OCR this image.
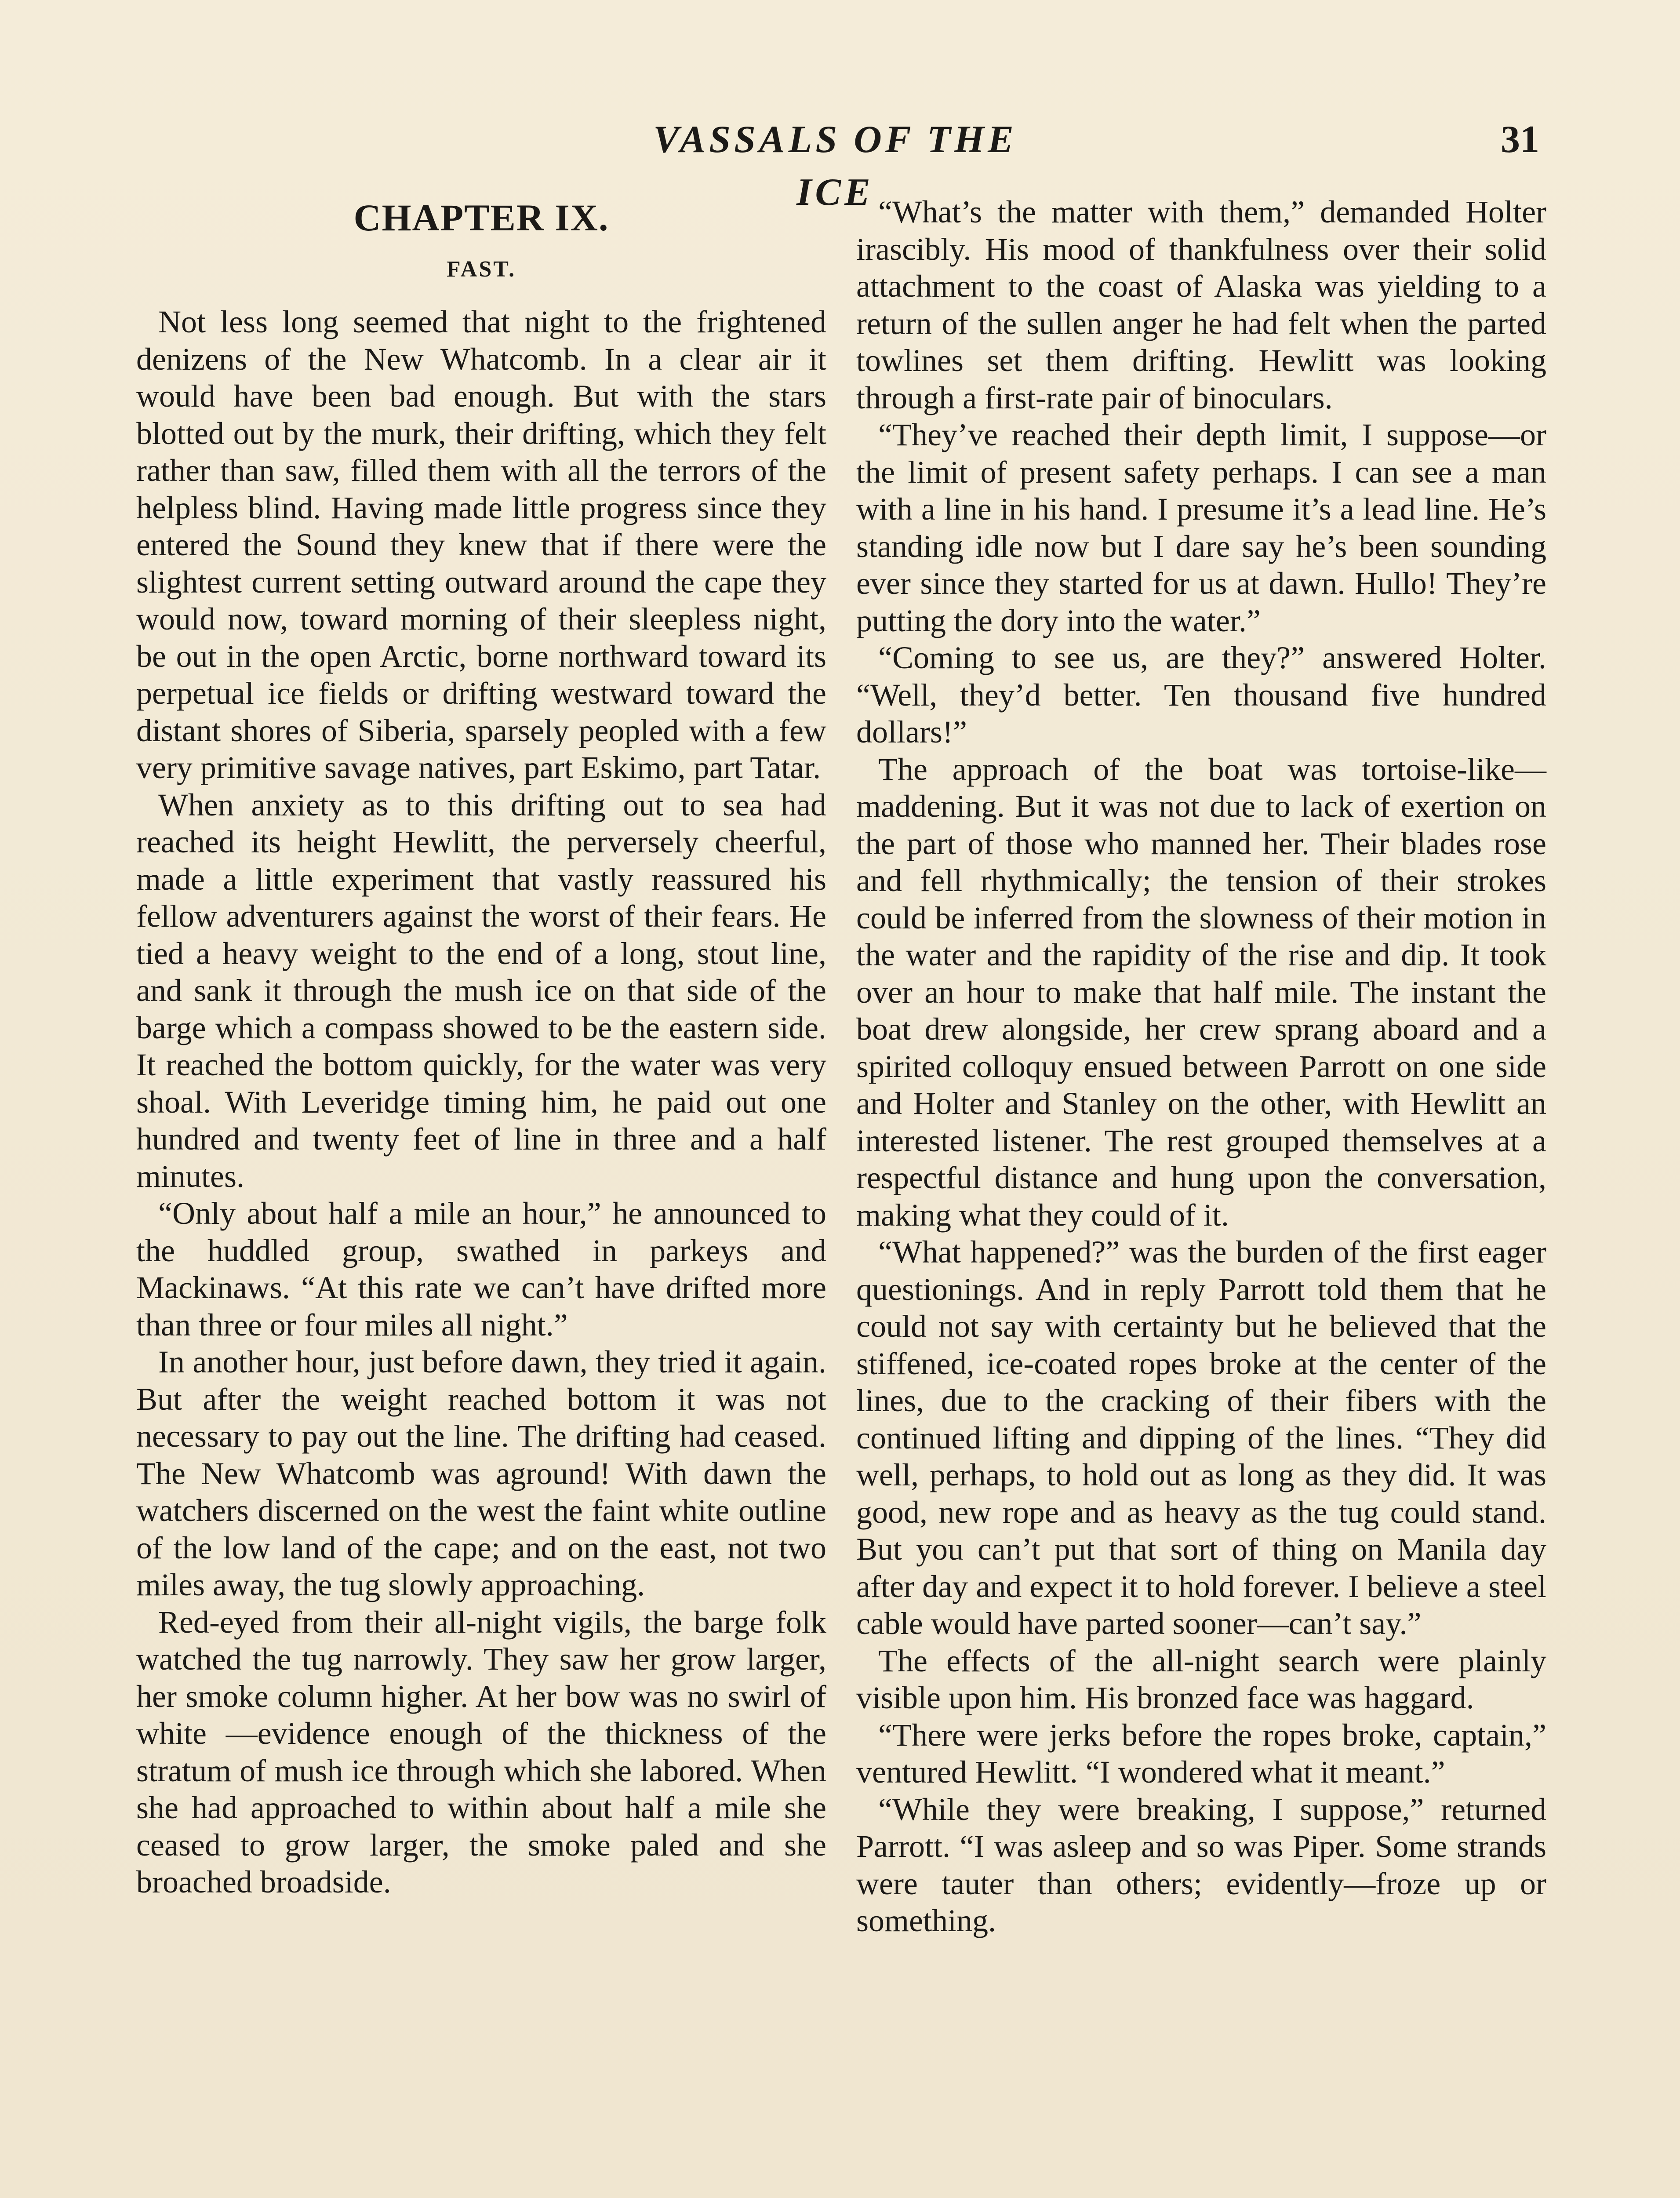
VASSALS OF THE ICE
31
CHAPTER IX.
FAST.

Not less long seemed that night to the frightened denizens of the New Whatcomb. In a clear air it would have been bad enough. But with the stars blotted out by the murk, their drifting, which they felt rather than saw, filled them with all the terrors of the helpless blind. Having made little progress since they entered the Sound they knew that if there were the slightest current setting outward around the cape they would now, toward morning of their sleepless night, be out in the open Arctic, borne northward toward its perpetual ice fields or drifting westward toward the distant shores of Siberia, sparsely peopled with a few very primitive savage natives, part Eskimo, part Tatar.

When anxiety as to this drifting out to sea had reached its height Hewlitt, the perversely cheerful, made a little experiment that vastly reassured his fellow adventurers against the worst of their fears. He tied a heavy weight to the end of a long, stout line, and sank it through the mush ice on that side of the barge which a compass showed to be the eastern side. It reached the bottom quickly, for the water was very shoal. With Leveridge timing him, he paid out one hundred and twenty feet of line in three and a half minutes.

“Only about half a mile an hour,” he announced to the huddled group, swathed in parkeys and Mackinaws. “At this rate we can’t have drifted more than three or four miles all night.”

In another hour, just before dawn, they tried it again. But after the weight reached bottom it was not necessary to pay out the line. The drifting had ceased. The New Whatcomb was aground! With dawn the watchers discerned on the west the faint white outline of the low land of the cape; and on the east, not two miles away, the tug slowly approaching.

Red-eyed from their all-night vigils, the barge folk watched the tug narrowly. They saw her grow larger, her smoke column higher. At her bow was no swirl of white —evidence enough of the thickness of the stratum of mush ice through which she labored. When she had approached to within about half a mile she ceased to grow larger, the smoke paled and she broached broadside.

“What’s the matter with them,” demanded Holter irascibly. His mood of thankfulness over their solid attachment to the coast of Alaska was yielding to a return of the sullen anger he had felt when the parted towlines set them drifting. Hewlitt was looking through a first-rate pair of binoculars.

“They’ve reached their depth limit, I suppose—or the limit of present safety perhaps. I can see a man with a line in his hand. I presume it’s a lead line. He’s standing idle now but I dare say he’s been sounding ever since they started for us at dawn. Hullo! They’re putting the dory into the water.”

“Coming to see us, are they?” answered Holter. “Well, they’d better. Ten thousand five hundred dollars!”

The approach of the boat was tortoise-like—maddening. But it was not due to lack of exertion on the part of those who manned her. Their blades rose and fell rhythmically; the tension of their strokes could be inferred from the slowness of their motion in the water and the rapidity of the rise and dip. It took over an hour to make that half mile. The instant the boat drew alongside, her crew sprang aboard and a spirited colloquy ensued between Parrott on one side and Holter and Stanley on the other, with Hewlitt an interested listener. The rest grouped themselves at a respectful distance and hung upon the conversation, making what they could of it.

“What happened?” was the burden of the first eager questionings. And in reply Parrott told them that he could not say with certainty but he believed that the stiffened, ice-coated ropes broke at the center of the lines, due to the cracking of their fibers with the continued lifting and dipping of the lines. “They did well, perhaps, to hold out as long as they did. It was good, new rope and as heavy as the tug could stand. But you can’t put that sort of thing on Manila day after day and expect it to hold forever. I believe a steel cable would have parted sooner—can’t say.”

The effects of the all-night search were plainly visible upon him. His bronzed face was haggard.

“There were jerks before the ropes broke, captain,” ventured Hewlitt. “I wondered what it meant.”

“While they were breaking, I suppose,” returned Parrott. “I was asleep and so was Piper. Some strands were tauter than others; evidently—froze up or something.
